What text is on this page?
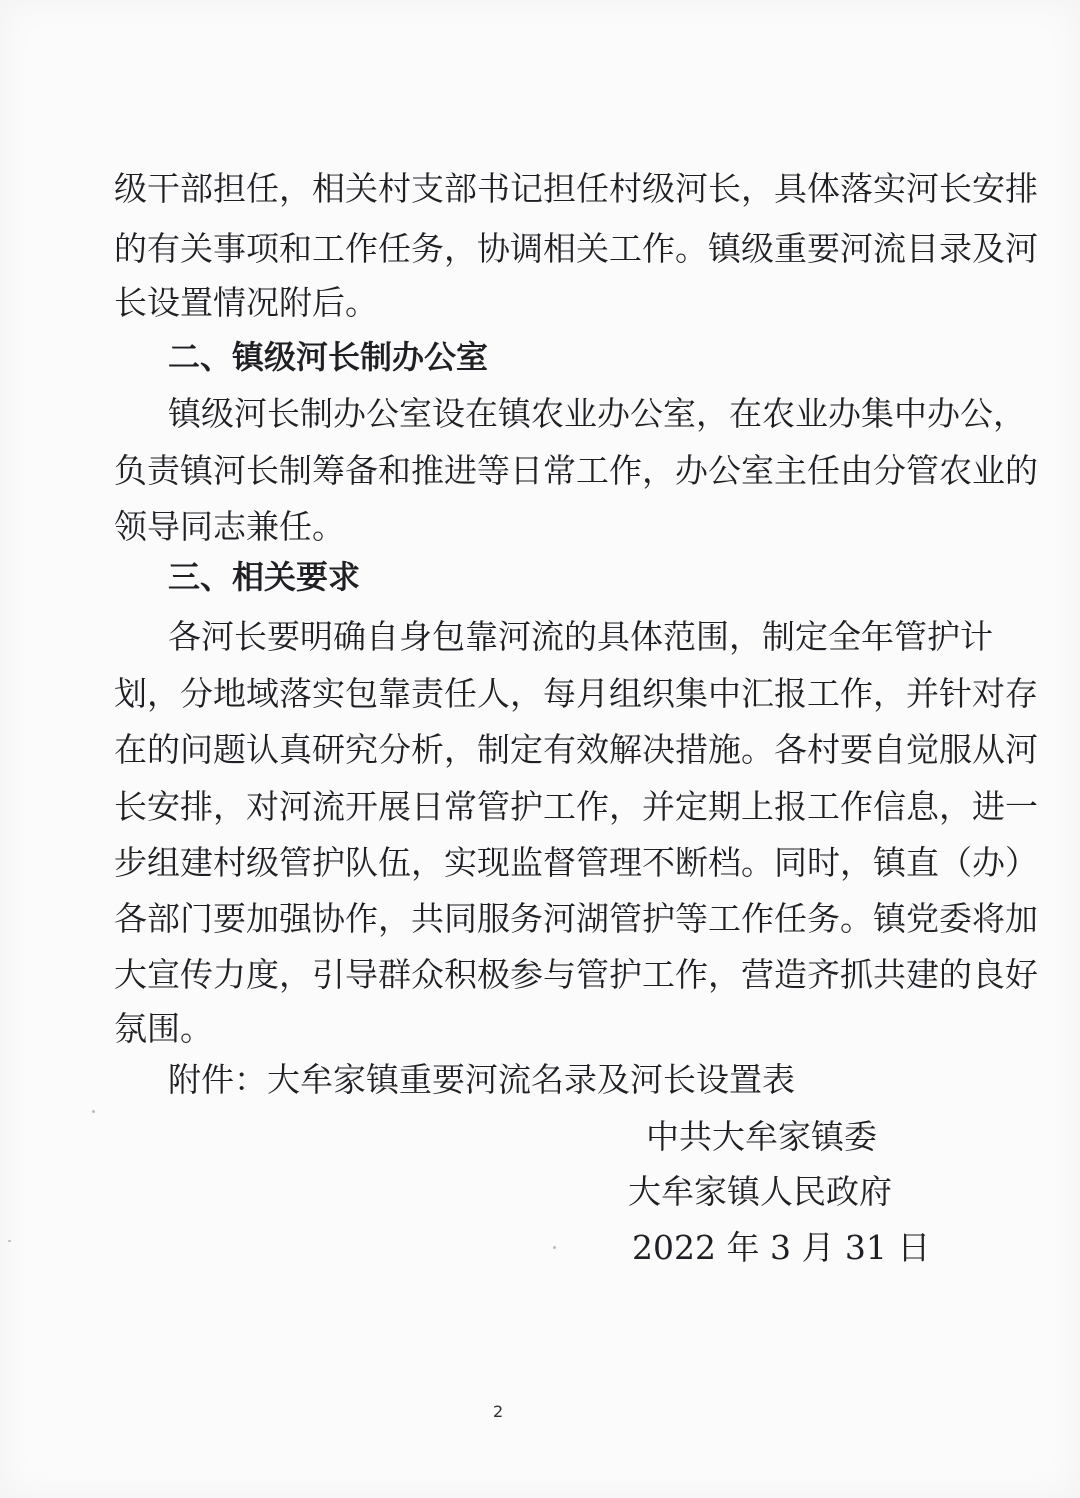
级干部担任，相关村支部书记担任村级河长，具体落实河长安排
的有关事项和工作任务，协调相关工作。镇级重要河流目录及河
长设置情况附后。
二、镇级河长制办公室
镇级河长制办公室设在镇农业办公室，在农业办集中办公，
负责镇河长制筹备和推进等日常工作，办公室主任由分管农业的
领导同志兼任。
三、相关要求
各河长要明确自身包靠河流的具体范围，制定全年管护计
划，分地域落实包靠责任人，每月组织集中汇报工作，并针对存
在的问题认真研究分析，制定有效解决措施。各村要自觉服从河
长安排，对河流开展日常管护工作，并定期上报工作信息，进一
步组建村级管护队伍，实现监督管理不断档。同时，镇直（办）
各部门要加强协作，共同服务河湖管护等工作任务。镇党委将加
大宣传力度，引导群众积极参与管护工作，营造齐抓共建的良好
氛围。
附件：大牟家镇重要河流名录及河长设置表
中共大牟家镇委
大牟家镇人民政府
2022 年 3 月 31 日
2
